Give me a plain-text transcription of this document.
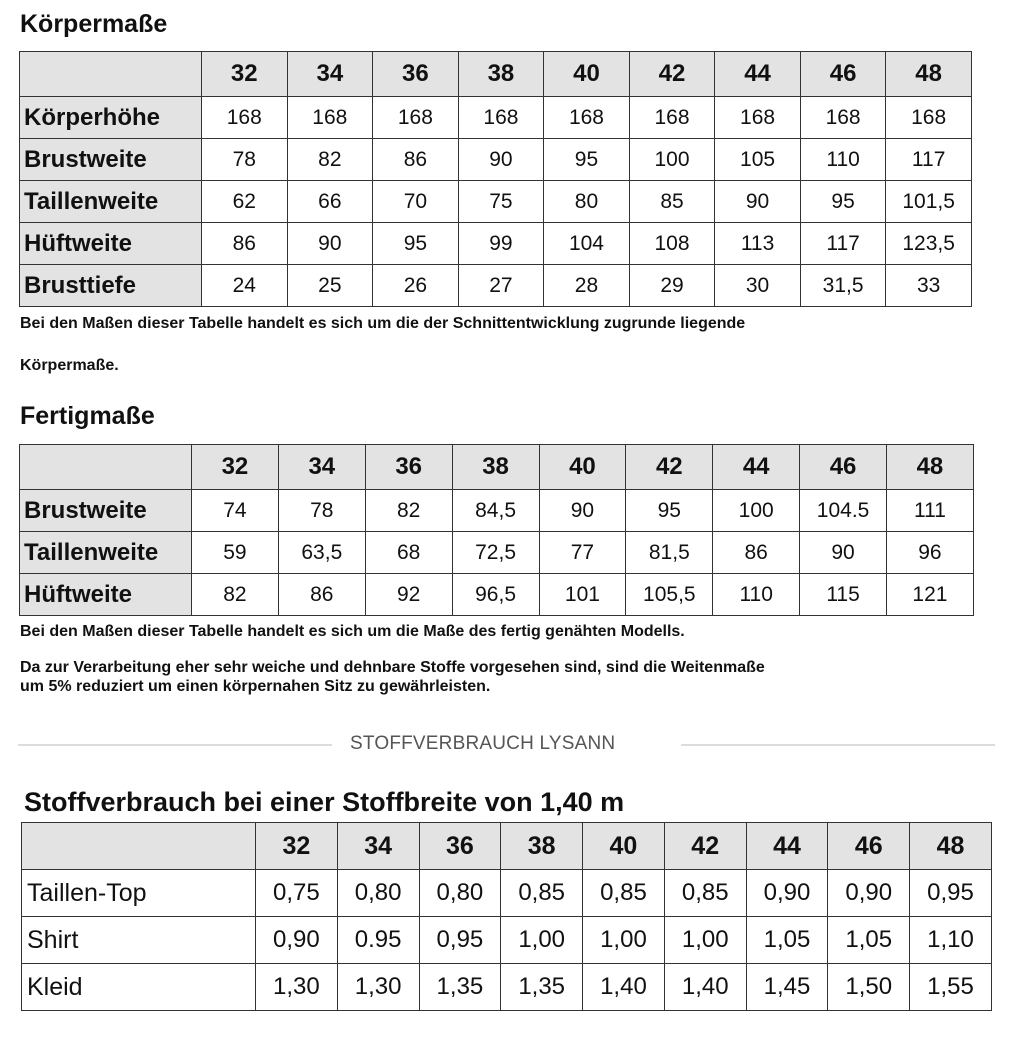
Körpermaße
	32	34	36	38	40	42	44	46	48
Körperhöhe	168	168	168	168	168	168	168	168	168
Brustweite	78	82	86	90	95	100	105	110	117
Taillenweite	62	66	70	75	80	85	90	95	101,5
Hüftweite	86	90	95	99	104	108	113	117	123,5
Brusttiefe	24	25	26	27	28	29	30	31,5	33

Bei den Maßen dieser Tabelle handelt es sich um die der Schnittentwicklung zugrunde liegende

Körpermaße.

Fertigmaße
	32	34	36	38	40	42	44	46	48
Brustweite	74	78	82	84,5	90	95	100	104.5	111
Taillenweite	59	63,5	68	72,5	77	81,5	86	90	96
Hüftweite	82	86	92	96,5	101	105,5	110	115	121

Bei den Maßen dieser Tabelle handelt es sich um die Maße des fertig genähten Modells.

Da zur Verarbeitung eher sehr weiche und dehnbare Stoffe vorgesehen sind, sind die Weitenmaße

um 5% reduziert um einen körpernahen Sitz zu gewährleisten.

STOFFVERBRAUCH LYSANN
Stoffverbrauch bei einer Stoffbreite von 1,40 m
	32	34	36	38	40	42	44	46	48
Taillen-Top	0,75	0,80	0,80	0,85	0,85	0,85	0,90	0,90	0,95
Shirt	0,90	0.95	0,95	1,00	1,00	1,00	1,05	1,05	1,10
Kleid	1,30	1,30	1,35	1,35	1,40	1,40	1,45	1,50	1,55
